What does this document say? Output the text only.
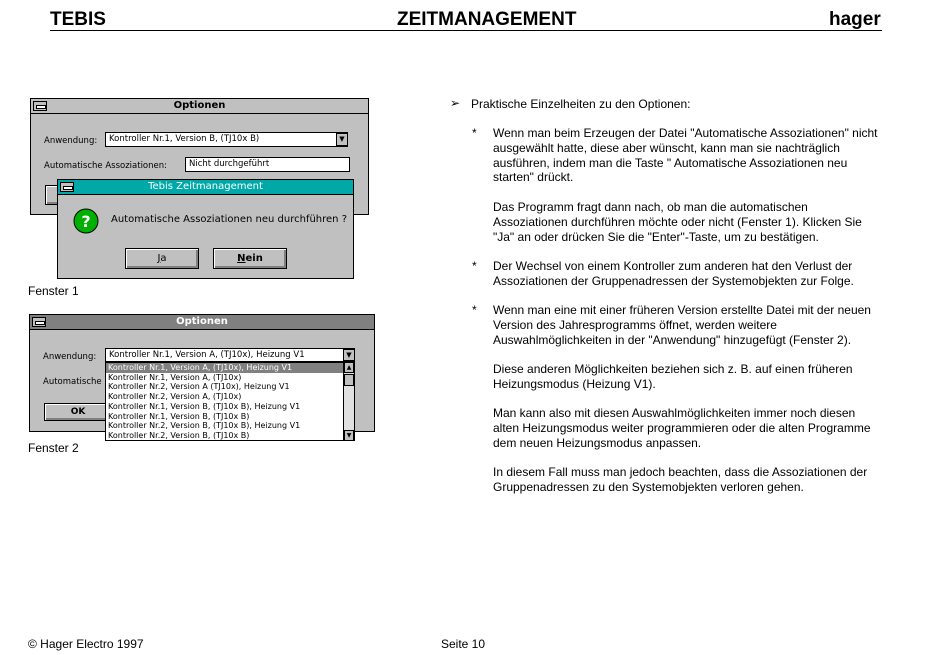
TEBIS	ZEITMANAGEMENT	hager
Optionen
Anwendung:	Kontroller Nr.1, Version B, (TJ10x B)	▼
Automatische Assoziationen:	Nicht durchgeführt
Tebis Zeitmanagement
? Automatische Assoziationen neu durchführen ?
Ja	Nein
Fenster 1
Optionen
Anwendung:	Kontroller Nr.1, Version A, (TJ10x), Heizung V1	▼
Automatische
OK
Kontroller Nr.1, Version A, (TJ10x), Heizung V1
Kontroller Nr.1, Version A, (TJ10x)
Kontroller Nr.2, Version A (TJ10x), Heizung V1
Kontroller Nr.2, Version A, (TJ10x)
Kontroller Nr.1, Version B, (TJ10x B), Heizung V1
Kontroller Nr.1, Version B, (TJ10x B)
Kontroller Nr.2, Version B, (TJ10x B), Heizung V1
Kontroller Nr.2, Version B, (TJ10x B)
▲
▼
Fenster 2
➢ Praktische Einzelheiten zu den Optionen:
* Wenn man beim Erzeugen der Datei "Automatische Assoziationen" nicht
ausgewählt hatte, diese aber wünscht, kann man sie nachträglich
ausführen, indem man die Taste " Automatische Assoziationen neu
starten" drückt.
Das Programm fragt dann nach, ob man die automatischen
Assoziationen durchführen möchte oder nicht (Fenster 1). Klicken Sie
"Ja" an oder drücken Sie die "Enter"-Taste, um zu bestätigen.
* Der Wechsel von einem Kontroller zum anderen hat den Verlust der
Assoziationen der Gruppenadressen der Systemobjekten zur Folge.
* Wenn man eine mit einer früheren Version erstellte Datei mit der neuen
Version des Jahresprogramms öffnet, werden weitere
Auswahlmöglichkeiten in der "Anwendung" hinzugefügt (Fenster 2).
Diese anderen Möglichkeiten beziehen sich z. B. auf einen früheren
Heizungsmodus (Heizung V1).
Man kann also mit diesen Auswahlmöglichkeiten immer noch diesen
alten Heizungsmodus weiter programmieren oder die alten Programme
dem neuen Heizungsmodus anpassen.
In diesem Fall muss man jedoch beachten, dass die Assoziationen der
Gruppenadressen zu den Systemobjekten verloren gehen.
© Hager Electro 1997	Seite 10
